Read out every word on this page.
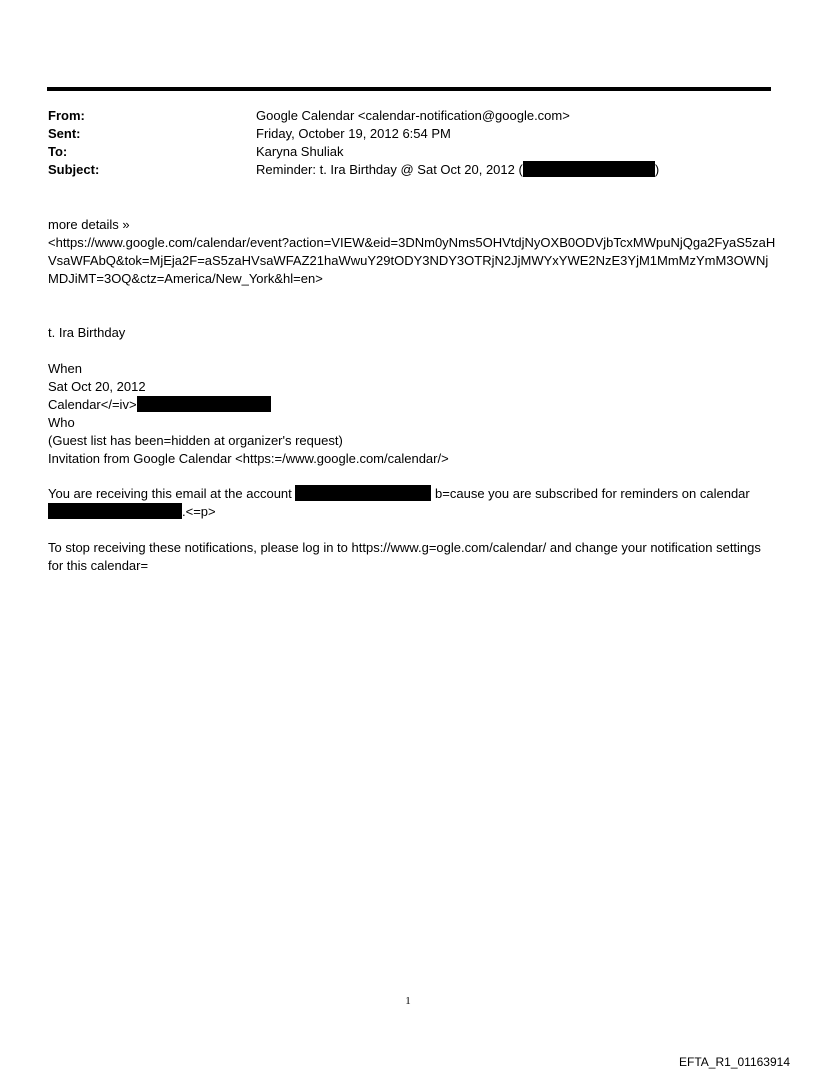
From:	Google Calendar <calendar-notification@google.com>
Sent:	Friday, October 19, 2012 6:54 PM
To:	Karyna Shuliak
Subject:	Reminder: t. Ira Birthday @ Sat Oct 20, 2012 (	)
more details »
<https://www.google.com/calendar/event?action=VIEW&eid=3DNm0yNms5OHVtdjNyOXB0ODVjbTcxMWpuNjQga2FyaS5zaHVsaWFAbQ&tok=MjEja2F=aS5zaHVsaWFAZ21haWwuY29tODY3NDY3OTRjN2JjMWYxYWE2NzE3YjM1MmMzYmM3OWNjMDJiMT=3OQ&ctz=America/New_York&hl=en>
t. Ira Birthday
When
Sat Oct 20, 2012
Calendar</=iv>
Who
(Guest list has been=hidden at organizer's request)
Invitation from Google Calendar <https:=/www.google.com/calendar/>
You are receiving this email at the account	b=cause you are subscribed for reminders on calendar
.<=p>
To stop receiving these notifications, please log in to https://www.g=ogle.com/calendar/ and change your notification settings for this calendar=
1
EFTA_R1_01163914
